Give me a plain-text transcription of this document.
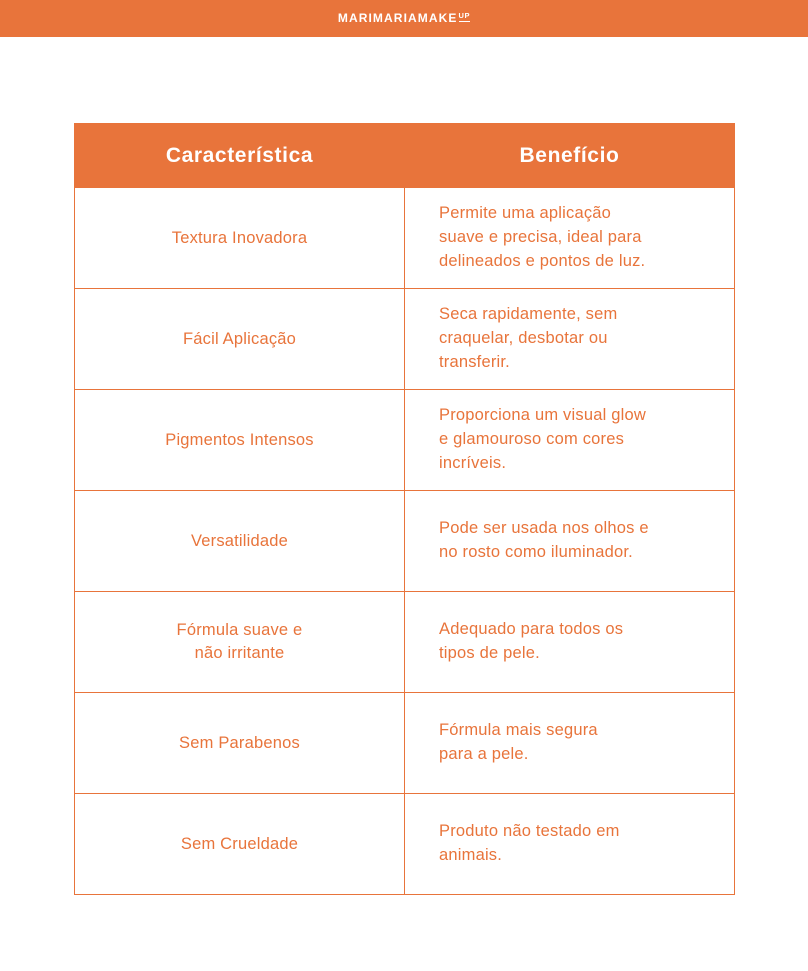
MARIMARIAMAKE UP
Característica	Benefício
Textura Inovadora	Permite uma aplicação
suave e precisa, ideal para
delineados e pontos de luz.

Fácil Aplicação	Seca rapidamente, sem
craquelar, desbotar ou
transferir.

Pigmentos Intensos	Proporciona um visual glow
e glamouroso com cores
incríveis.

Versatilidade	Pode ser usada nos olhos e
no rosto como iluminador.

Fórmula suave e
não irritante	Adequado para todos os
tipos de pele.

Sem Parabenos	Fórmula mais segura
para a pele.

Sem Crueldade	Produto não testado em
animais.
